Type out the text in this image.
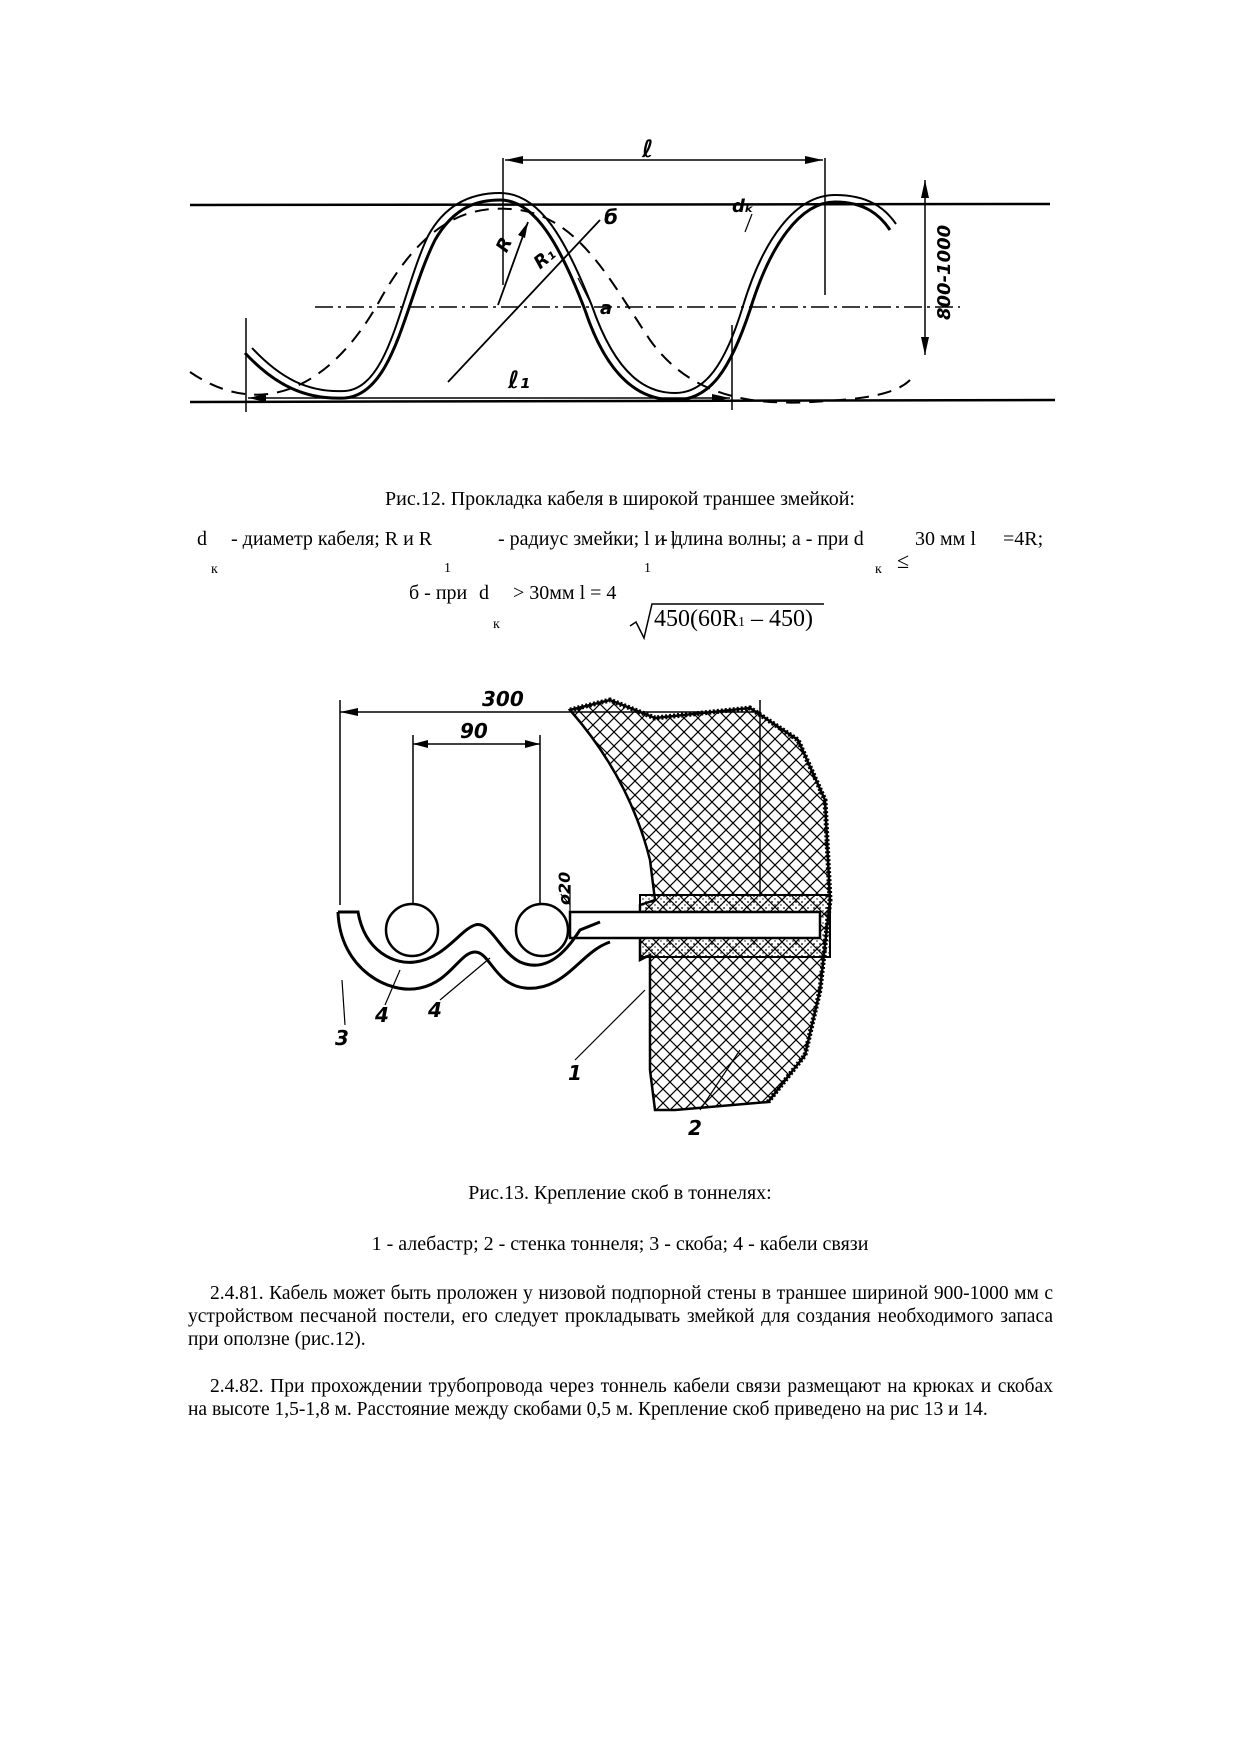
ℓ
ℓ₁
R R₁
б
a
dₖ
800-1000
Рис.12. Прокладка кабеля в широкой траншее змейкой:
d - диаметр кабеля; R и R	- радиус змейки; l и l
- длина волны; а - при d
≤
30 мм l =4R;
к	1	1	к
б - при d > 30мм l = 4
к	450(60R1 – 450)
300
90
ø20
1
2
3
4 4
Рис.13. Крепление скоб в тоннелях:
1 - алебастр; 2 - стенка тоннеля; 3 - скоба; 4 - кабели связи

2.4.81. Кабель может быть проложен у низовой подпорной стены в траншее шириной 900-1000 мм с устройством песчаной постели, его следует прокладывать змейкой для создания необходимого запаса при оползне (рис.12).

2.4.82. При прохождении трубопровода через тоннель кабели связи размещают на крюках и скобах на высоте 1,5-1,8 м. Расстояние между скобами 0,5 м. Крепление скоб приведено на рис 13 и 14.
